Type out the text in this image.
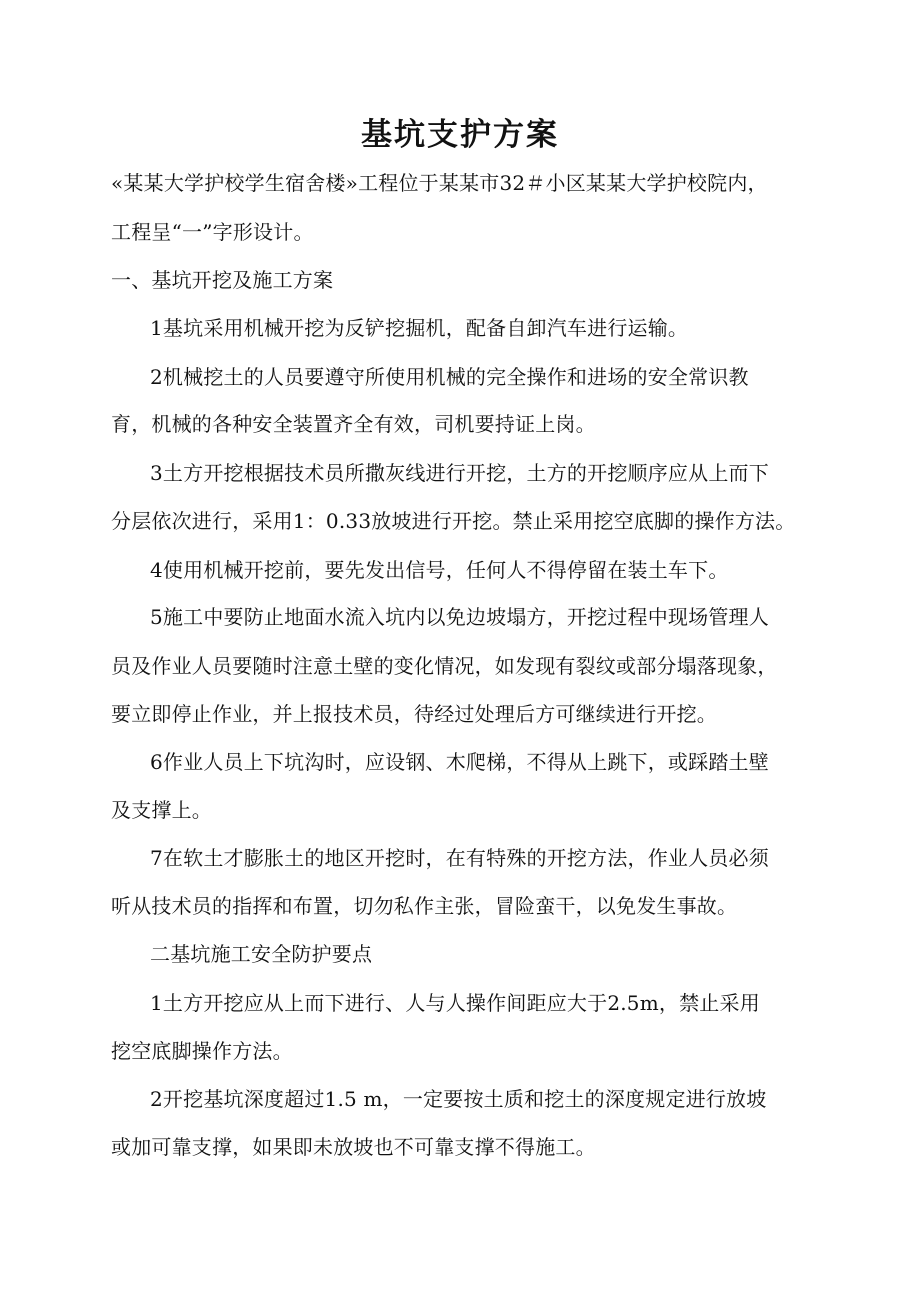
基坑支护方案
«某某大学护校学生宿舍楼»工程位于某某市32＃小区某某大学护校院内，
工程呈“一”字形设计。
一、基坑开挖及施工方案
1基坑采用机械开挖为反铲挖掘机，配备自卸汽车进行运输。
2机械挖土的人员要遵守所使用机械的完全操作和进场的安全常识教
育，机械的各种安全装置齐全有效，司机要持证上岗。
3土方开挖根据技术员所撒灰线进行开挖，土方的开挖顺序应从上而下
分层依次进行，采用1：0.33放坡进行开挖。禁止采用挖空底脚的操作方法。
4使用机械开挖前，要先发出信号，任何人不得停留在装土车下。
5施工中要防止地面水流入坑内以免边坡塌方，开挖过程中现场管理人
员及作业人员要随时注意土壁的变化情况，如发现有裂纹或部分塌落现象，
要立即停止作业，并上报技术员，待经过处理后方可继续进行开挖。
6作业人员上下坑沟时，应设钢、木爬梯，不得从上跳下，或踩踏土壁
及支撑上。
7在软土才膨胀土的地区开挖时，在有特殊的开挖方法，作业人员必须
听从技术员的指挥和布置，切勿私作主张，冒险蛮干，以免发生事故。
二基坑施工安全防护要点
1土方开挖应从上而下进行、人与人操作间距应大于2.5m，禁止采用
挖空底脚操作方法。
2开挖基坑深度超过1.5 m，一定要按土质和挖土的深度规定进行放坡
或加可靠支撑，如果即未放坡也不可靠支撑不得施工。
